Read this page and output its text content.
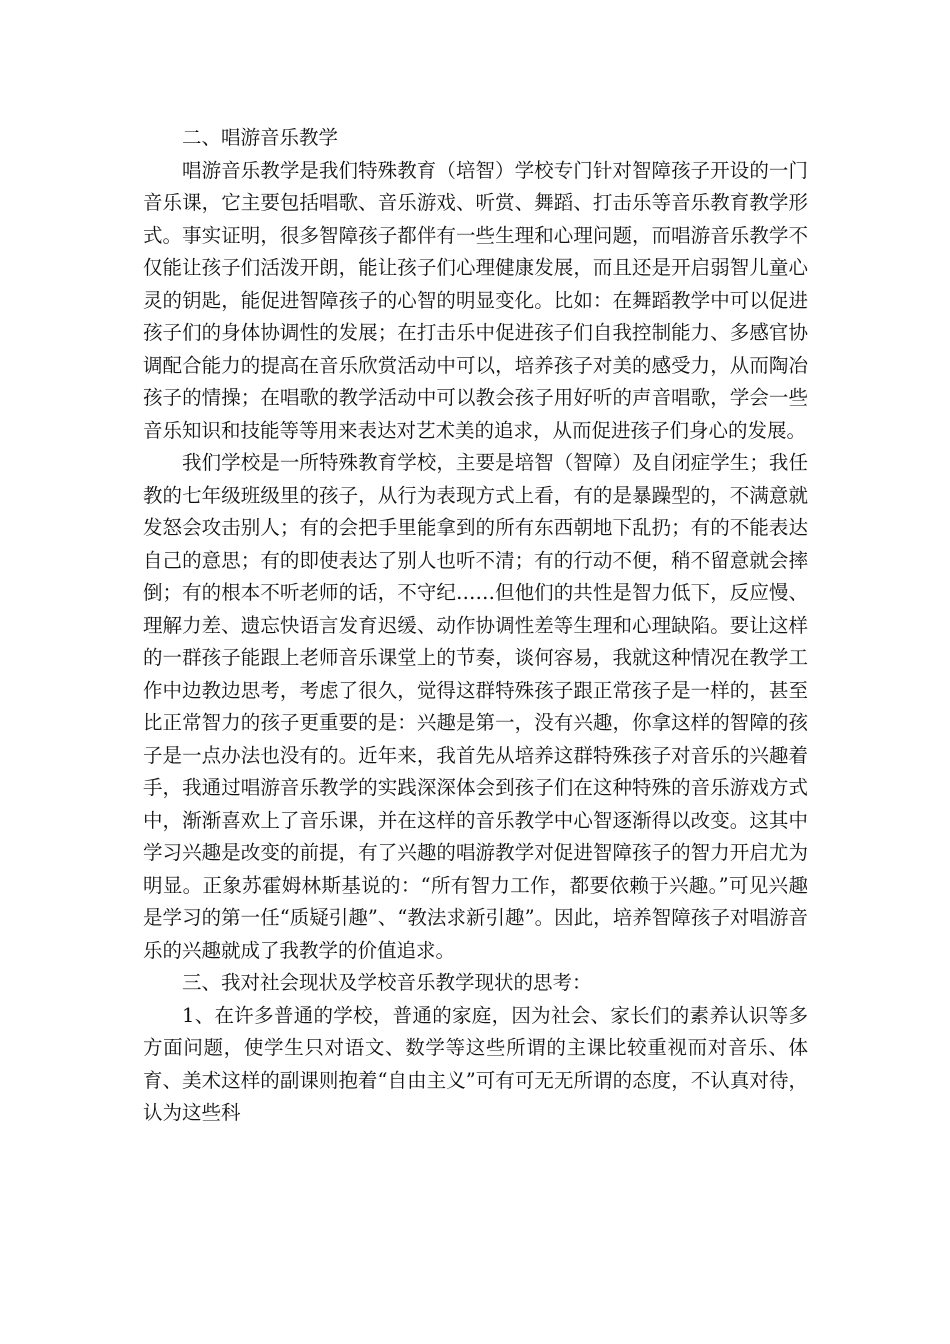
二、唱游音乐教学

唱游音乐教学是我们特殊教育（培智）学校专门针对智障孩子开设的一门音乐课，它主要包括唱歌、音乐游戏、听赏、舞蹈、打击乐等音乐教育教学形式。事实证明，很多智障孩子都伴有一些生理和心理问题，而唱游音乐教学不仅能让孩子们活泼开朗，能让孩子们心理健康发展，而且还是开启弱智儿童心灵的钥匙，能促进智障孩子的心智的明显变化。比如：在舞蹈教学中可以促进孩子们的身体协调性的发展；在打击乐中促进孩子们自我控制能力、多感官协调配合能力的提高在音乐欣赏活动中可以，培养孩子对美的感受力，从而陶冶孩子的情操；在唱歌的教学活动中可以教会孩子用好听的声音唱歌，学会一些音乐知识和技能等等用来表达对艺术美的追求，从而促进孩子们身心的发展。

我们学校是一所特殊教育学校，主要是培智（智障）及自闭症学生；我任教的七年级班级里的孩子，从行为表现方式上看，有的是暴躁型的，不满意就发怒会攻击别人；有的会把手里能拿到的所有东西朝地下乱扔；有的不能表达自己的意思；有的即使表达了别人也听不清；有的行动不便，稍不留意就会摔倒；有的根本不听老师的话，不守纪……但他们的共性是智力低下，反应慢、理解力差、遗忘快语言发育迟缓、动作协调性差等生理和心理缺陷。要让这样的一群孩子能跟上老师音乐课堂上的节奏，谈何容易，我就这种情况在教学工作中边教边思考，考虑了很久，觉得这群特殊孩子跟正常孩子是一样的，甚至比正常智力的孩子更重要的是：兴趣是第一，没有兴趣，你拿这样的智障的孩子是一点办法也没有的。近年来，我首先从培养这群特殊孩子对音乐的兴趣着手，我通过唱游音乐教学的实践深深体会到孩子们在这种特殊的音乐游戏方式中，渐渐喜欢上了音乐课，并在这样的音乐教学中心智逐渐得以改变。这其中学习兴趣是改变的前提，有了兴趣的唱游教学对促进智障孩子的智力开启尤为明显。正象苏霍姆林斯基说的：“所有智力工作，都要依赖于兴趣。”可见兴趣是学习的第一任“质疑引趣”、“教法求新引趣”。因此，培养智障孩子对唱游音乐的兴趣就成了我教学的价值追求。

三、我对社会现状及学校音乐教学现状的思考：

1、在许多普通的学校，普通的家庭，因为社会、家长们的素养认识等多方面问题，使学生只对语文、数学等这些所谓的主课比较重视而对音乐、体育、美术这样的副课则抱着“自由主义”可有可无无所谓的态度，不认真对待，认为这些科
